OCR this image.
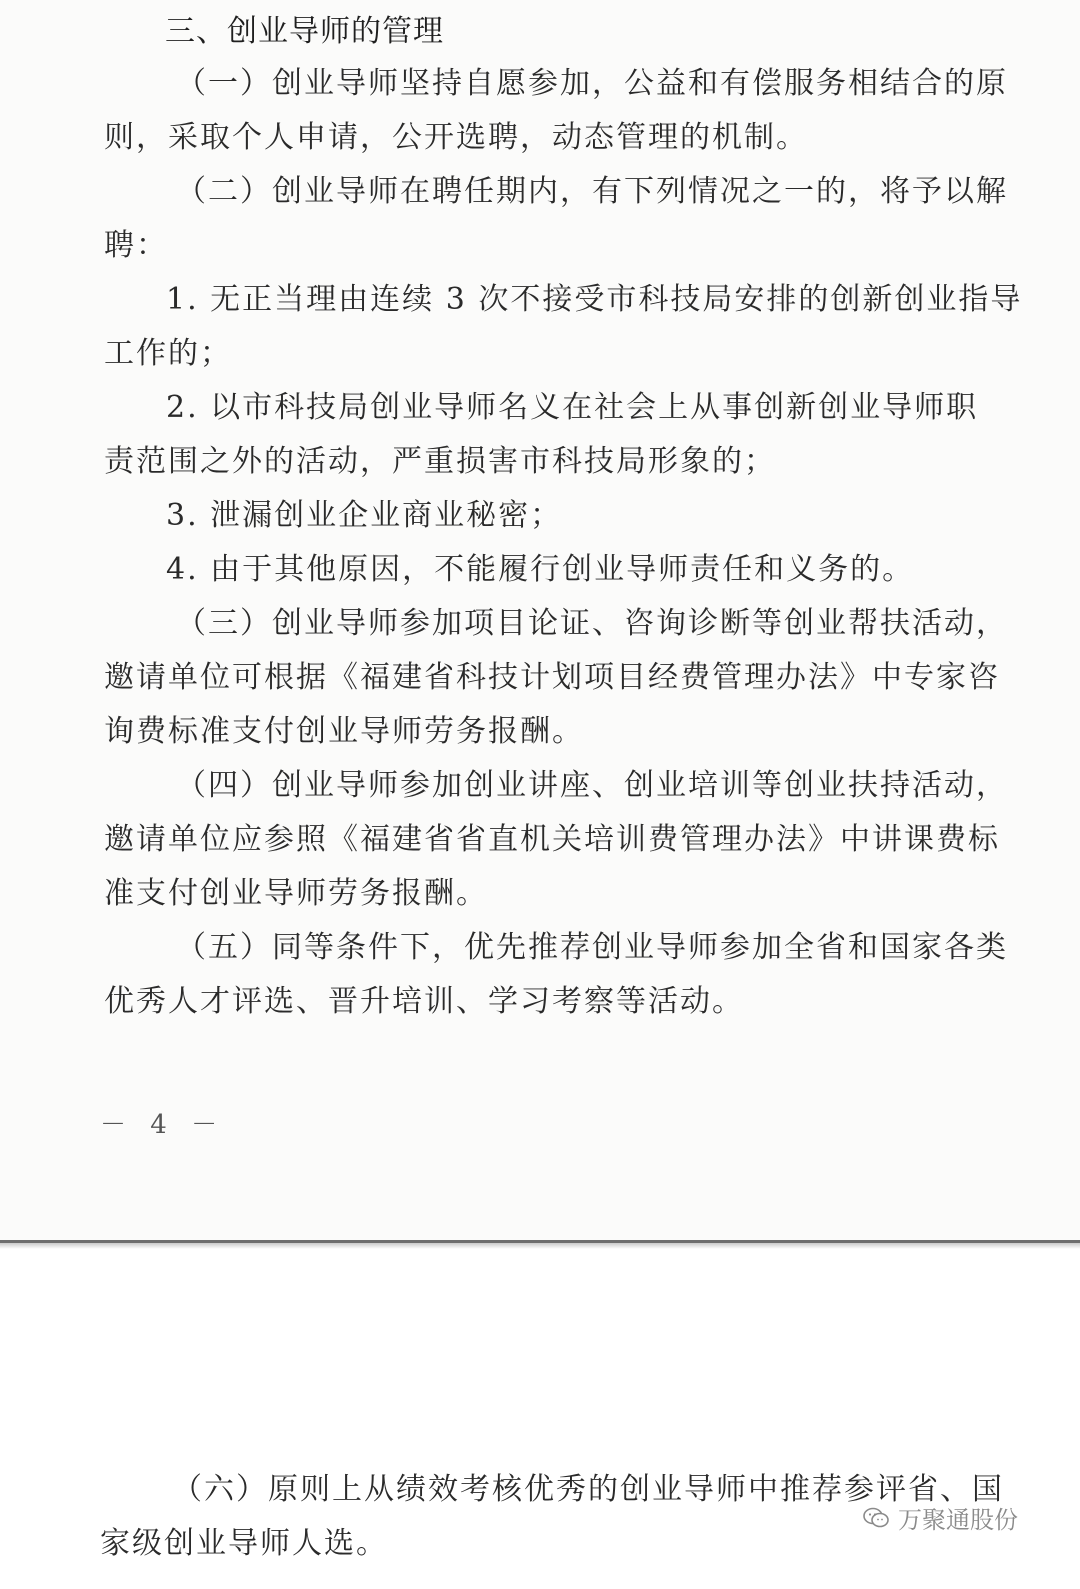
三、创业导师的管理
（一）创业导师坚持自愿参加，公益和有偿服务相结合的原
则，采取个人申请，公开选聘，动态管理的机制。
（二）创业导师在聘任期内，有下列情况之一的，将予以解
聘：
1. 无正当理由连续 3 次不接受市科技局安排的创新创业指导
工作的；
2. 以市科技局创业导师名义在社会上从事创新创业导师职
责范围之外的活动，严重损害市科技局形象的；
3. 泄漏创业企业商业秘密；
4. 由于其他原因，不能履行创业导师责任和义务的。
（三）创业导师参加项目论证、咨询诊断等创业帮扶活动，
邀请单位可根据《福建省科技计划项目经费管理办法》中专家咨
询费标准支付创业导师劳务报酬。
（四）创业导师参加创业讲座、创业培训等创业扶持活动，
邀请单位应参照《福建省省直机关培训费管理办法》中讲课费标
准支付创业导师劳务报酬。
（五）同等条件下，优先推荐创业导师参加全省和国家各类
优秀人才评选、晋升培训、学习考察等活动。
－ 4 －
（六）原则上从绩效考核优秀的创业导师中推荐参评省、国
家级创业导师人选。
万聚通股份
